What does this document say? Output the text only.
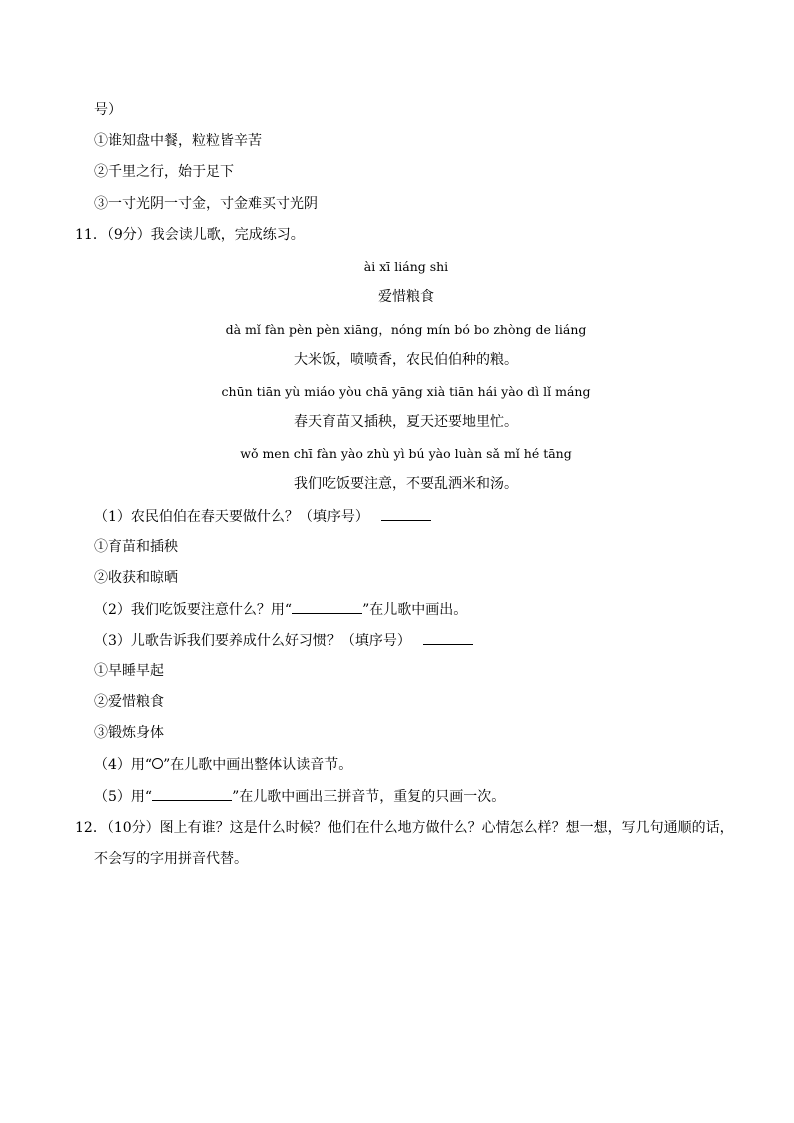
号）
①谁知盘中餐，粒粒皆辛苦
②千里之行，始于足下
③一寸光阴一寸金，寸金难买寸光阴
11．（9分）我会读儿歌，完成练习。
ài xī liáng shi
爱惜粮食
dà mǐ fàn pèn pèn xiāng，nóng mín bó bo zhòng de liáng
大米饭，喷喷香，农民伯伯种的粮。
chūn tiān yù miáo yòu chā yāng xià tiān hái yào dì lǐ máng
春天育苗又插秧，夏天还要地里忙。
wǒ men chī fàn yào zhù yì bú yào luàn sǎ mǐ hé tāng
我们吃饭要注意，不要乱洒米和汤。
（1）农民伯伯在春天要做什么？（填序号）
①育苗和插秧
②收获和晾晒
（2）我们吃饭要注意什么？用“	”在儿歌中画出。
（3）儿歌告诉我们要养成什么好习惯？（填序号）
①早睡早起
②爱惜粮食
③锻炼身体
（4）用“○”在儿歌中画出整体认读音节。
（5）用“	”在儿歌中画出三拼音节，重复的只画一次。
12．（10分）图上有谁？这是什么时候？他们在什么地方做什么？心情怎么样？想一想，写几句通顺的话，
不会写的字用拼音代替。
